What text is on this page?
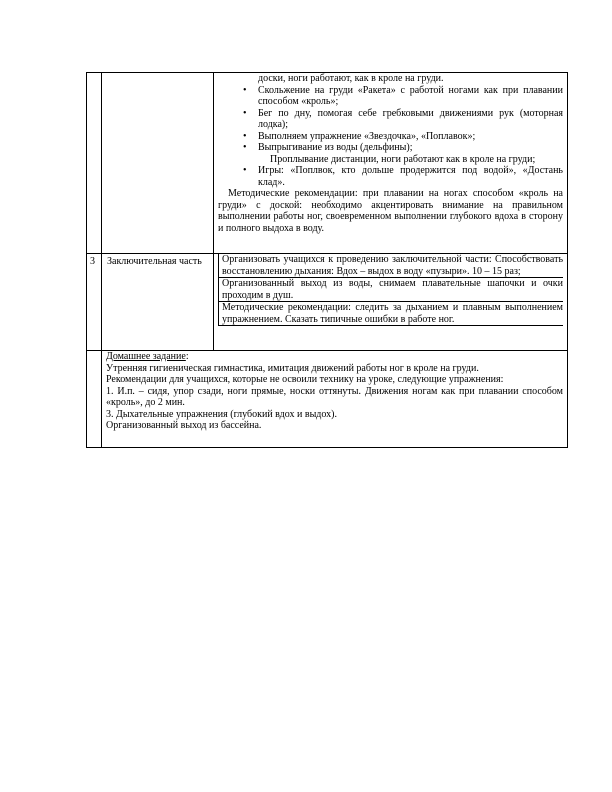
доски, ноги работают, как в кроле на груди.

• Скольжение на груди «Ракета» с работой ногами как при плавании способом «кроль»;
• Бег по дну, помогая себе гребковыми движениями рук (моторная лодка);
• Выполняем упражнение «Звездочка», «Поплавок»;
• Выпрыгивание из воды (дельфины);

Проплывание дистанции, ноги работают как в кроле на груди;

• Игры: «Поплвок, кто дольше продержится под водой», «Достань клад».

Методические рекомендации: при плавании на ногах способом «кроль на груди» с доской: необходимо акцентировать внимание на правильном выполнении работы ног, своевременном выполнении глубокого вдоха в сторону и полного выдоха в воду.

3	Заключительная часть	Организовать учащихся к проведению заключительной части: Способствовать восстановлению дыхания: Вдох – выдох в воду «пузыри». 10 – 15 раз;

Организованный выход из воды, снимаем плавательные шапочки и очки проходим в душ.

Методические рекомендации: следить за дыханием и плавным выполнением упражнением. Сказать типичные ошибки в работе ног.

Домашнее задание:

Утренняя гигиеническая гимнастика, имитация движений работы ног в кроле на груди.

Рекомендации для учащихся, которые не освоили технику на уроке, следующие упражнения:

1. И.п. – сидя, упор сзади, ноги прямые, носки оттянуты. Движения ногам как при плавании способом «кроль», до 2 мин.

3. Дыхательные упражнения (глубокий вдох и выдох).

Организованный выход из бассейна.
